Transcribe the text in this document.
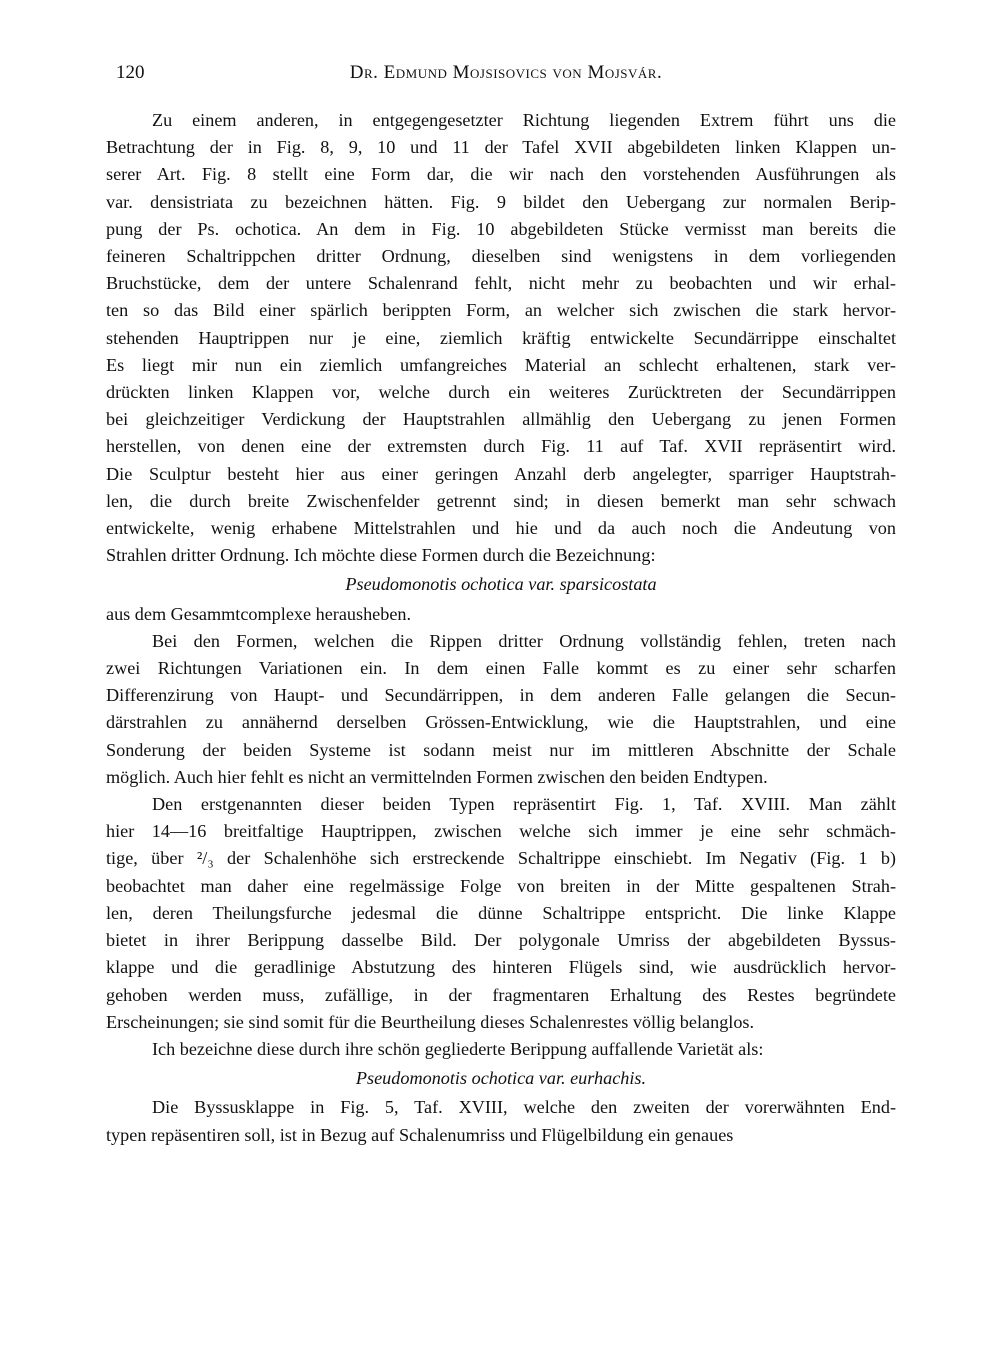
120	Dr. Edmund Mojsisovics von Mojsvár.

Zu einem anderen, in entgegengesetzter Richtung liegenden Extrem führt uns die
Betrachtung der in Fig. 8, 9, 10 und 11 der Tafel XVII abgebildeten linken Klappen un-
serer Art. Fig. 8 stellt eine Form dar, die wir nach den vorstehenden Ausführungen als
var. densistriata zu bezeichnen hätten. Fig. 9 bildet den Uebergang zur normalen Berip-
pung der Ps. ochotica. An dem in Fig. 10 abgebildeten Stücke vermisst man bereits die
feineren Schaltrippchen dritter Ordnung, dieselben sind wenigstens in dem vorliegenden
Bruchstücke, dem der untere Schalenrand fehlt, nicht mehr zu beobachten und wir erhal-
ten so das Bild einer spärlich berippten Form, an welcher sich zwischen die stark hervor-
stehenden Hauptrippen nur je eine, ziemlich kräftig entwickelte Secundärrippe einschaltet
Es liegt mir nun ein ziemlich umfangreiches Material an schlecht erhaltenen, stark ver-
drückten linken Klappen vor, welche durch ein weiteres Zurücktreten der Secundärrippen
bei gleichzeitiger Verdickung der Hauptstrahlen allmählig den Uebergang zu jenen Formen
herstellen, von denen eine der extremsten durch Fig. 11 auf Taf. XVII repräsentirt wird.
Die Sculptur besteht hier aus einer geringen Anzahl derb angelegter, sparriger Hauptstrah-
len, die durch breite Zwischenfelder getrennt sind; in diesen bemerkt man sehr schwach
entwickelte, wenig erhabene Mittelstrahlen und hie und da auch noch die Andeutung von
Strahlen dritter Ordnung. Ich möchte diese Formen durch die Bezeichnung:

Pseudomonotis ochotica var. sparsicostata

aus dem Gesammtcomplexe herausheben.

Bei den Formen, welchen die Rippen dritter Ordnung vollständig fehlen, treten nach
zwei Richtungen Variationen ein. In dem einen Falle kommt es zu einer sehr scharfen
Differenzirung von Haupt- und Secundärrippen, in dem anderen Falle gelangen die Secun-
därstrahlen zu annähernd derselben Grössen-Entwicklung, wie die Hauptstrahlen, und eine
Sonderung der beiden Systeme ist sodann meist nur im mittleren Abschnitte der Schale
möglich. Auch hier fehlt es nicht an vermittelnden Formen zwischen den beiden Endtypen.

Den erstgenannten dieser beiden Typen repräsentirt Fig. 1, Taf. XVIII. Man zählt
hier 14—16 breitfaltige Hauptrippen, zwischen welche sich immer je eine sehr schmäch-
tige, über ²/₃ der Schalenhöhe sich erstreckende Schaltrippe einschiebt. Im Negativ (Fig. 1 b)
beobachtet man daher eine regelmässige Folge von breiten in der Mitte gespaltenen Strah-
len, deren Theilungsfurche jedesmal die dünne Schaltrippe entspricht. Die linke Klappe
bietet in ihrer Berippung dasselbe Bild. Der polygonale Umriss der abgebildeten Byssus-
klappe und die geradlinige Abstutzung des hinteren Flügels sind, wie ausdrücklich hervor-
gehoben werden muss, zufällige, in der fragmentaren Erhaltung des Restes begründete
Erscheinungen; sie sind somit für die Beurtheilung dieses Schalenrestes völlig belanglos.

Ich bezeichne diese durch ihre schön gegliederte Berippung auffallende Varietät als:

Pseudomonotis ochotica var. eurhachis.

Die Byssusklappe in Fig. 5, Taf. XVIII, welche den zweiten der vorerwähnten End-
typen repäsentiren soll, ist in Bezug auf Schalenumriss und Flügelbildung ein genaues
